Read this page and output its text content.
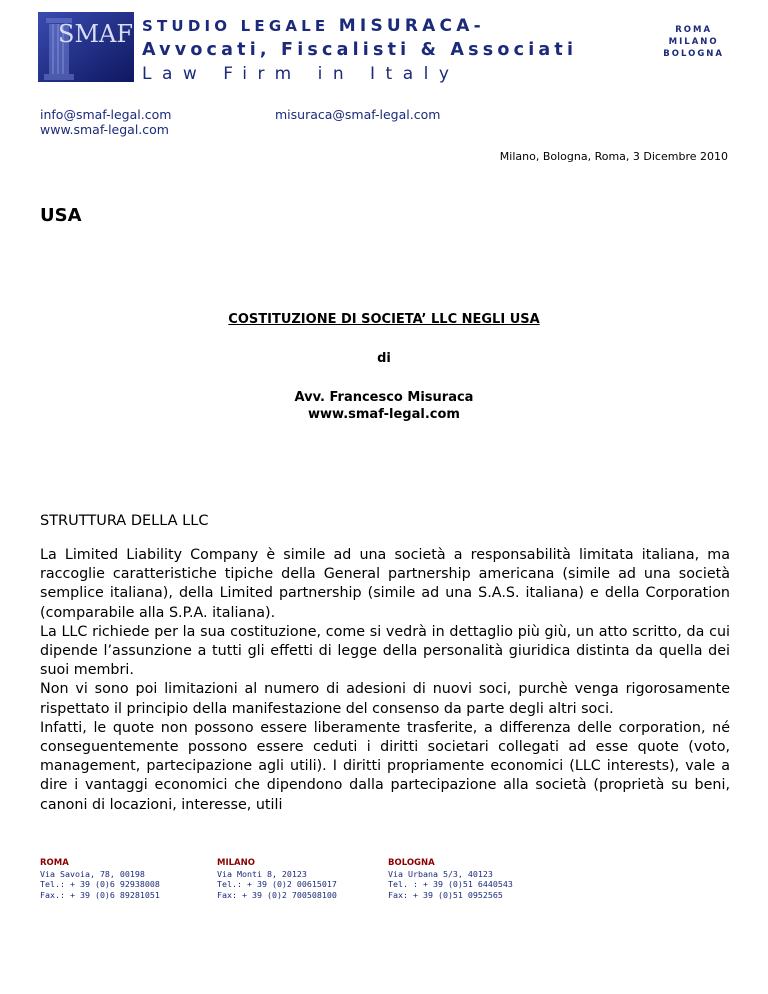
SMAF STUDIO LEGALE MISURACA-
Avvocati, Fiscalisti & Associati
Law Firm in Italy
ROMA
MILANO
BOLOGNA
info@smaf-legal.com
www.smaf-legal.com
misuraca@smaf-legal.com
Milano, Bologna, Roma, 3 Dicembre 2010
USA
COSTITUZIONE DI SOCIETA’ LLC NEGLI USA
di
Avv. Francesco Misuraca
www.smaf-legal.com
STRUTTURA DELLA LLC

La Limited Liability Company è simile ad una società a responsabilità limitata italiana, ma raccoglie caratteristiche tipiche della General partnership americana (simile ad una società semplice italiana), della Limited partnership (simile ad una S.A.S. italiana) e della Corporation (comparabile alla S.P.A. italiana).

La LLC richiede per la sua costituzione, come si vedrà in dettaglio più giù, un atto scritto, da cui dipende l’assunzione a tutti gli effetti di legge della personalità giuridica distinta da quella dei suoi membri.

Non vi sono poi limitazioni al numero di adesioni di nuovi soci, purchè venga rigorosamente rispettato il principio della manifestazione del consenso da parte degli altri soci.

Infatti, le quote non possono essere liberamente trasferite, a differenza delle corporation, né conseguentemente possono essere ceduti i diritti societari collegati ad esse quote (voto, management, partecipazione agli utili). I diritti propriamente economici (LLC interests), vale a dire i vantaggi economici che dipendono dalla partecipazione alla società (proprietà su beni, canoni di locazioni, interesse, utili

ROMA
Via Savoia, 78, 00198
Tel.: + 39 (0)6 92938008
Fax.: + 39 (0)6 89281051
MILANO
Via Monti 8, 20123
Tel.: + 39 (0)2 00615017
Fax: + 39 (0)2 700508100
BOLOGNA
Via Urbana 5/3, 40123
Tel. : + 39 (0)51 6440543
Fax: + 39 (0)51 0952565
